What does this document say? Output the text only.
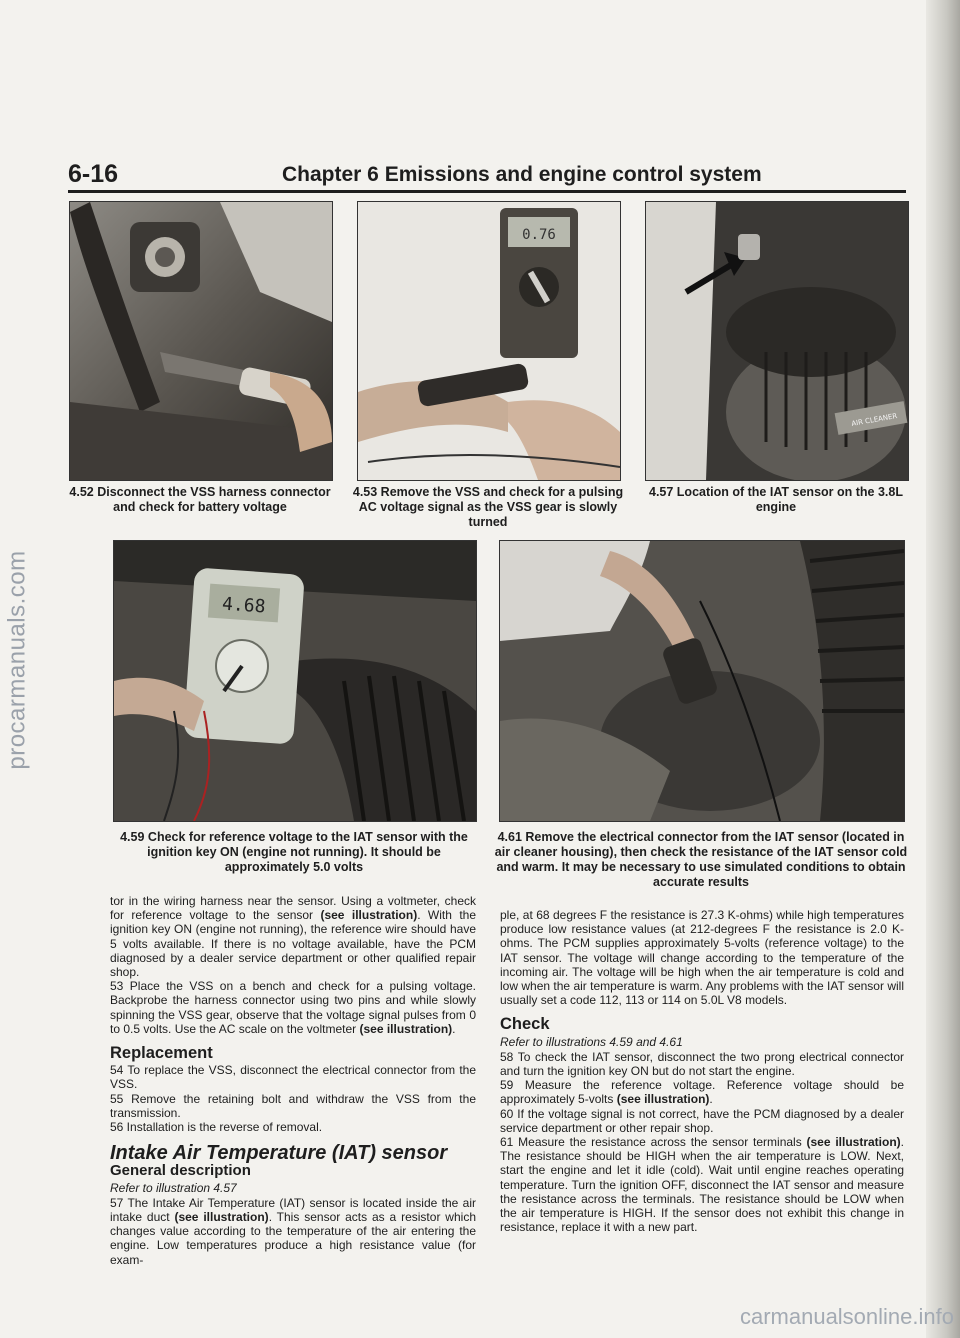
procarmanuals.com
6-16	Chapter 6 Emissions and engine control system
4.52 Disconnect the VSS harness connector and check for battery voltage
0.76
4.53 Remove the VSS and check for a pulsing AC voltage signal as the VSS gear is slowly turned
AIR CLEANER
4.57 Location of the IAT sensor on the 3.8L engine
4.68
4.59 Check for reference voltage to the IAT sensor with the ignition key ON (engine not running). It should be approximately 5.0 volts
4.61 Remove the electrical connector from the IAT sensor (located in air cleaner housing), then check the resistance of the IAT sensor cold and warm. It may be necessary to use simulated conditions to obtain accurate results

tor in the wiring harness near the sensor. Using a voltmeter, check for reference voltage to the sensor (see illustration). With the ignition key ON (engine not running), the reference wire should have 5 volts available. If there is no voltage available, have the PCM diagnosed by a dealer service department or other qualified repair shop.

53 Place the VSS on a bench and check for a pulsing voltage. Backprobe the harness connector using two pins and while slowly spinning the VSS gear, observe that the voltage signal pulses from 0 to 0.5 volts. Use the AC scale on the voltmeter (see illustration).

Replacement

54 To replace the VSS, disconnect the electrical connector from the VSS.

55 Remove the retaining bolt and withdraw the VSS from the transmission.

56 Installation is the reverse of removal.

Intake Air Temperature (IAT) sensor
General description

Refer to illustration 4.57

57 The Intake Air Temperature (IAT) sensor is located inside the air intake duct (see illustration). This sensor acts as a resistor which changes value according to the temperature of the air entering the engine. Low temperatures produce a high resistance value (for exam-

ple, at 68 degrees F the resistance is 27.3 K-ohms) while high temperatures produce low resistance values (at 212-degrees F the resistance is 2.0 K-ohms. The PCM supplies approximately 5-volts (reference voltage) to the IAT sensor. The voltage will change according to the temperature of the incoming air. The voltage will be high when the air temperature is cold and low when the air temperature is warm. Any problems with the IAT sensor will usually set a code 112, 113 or 114 on 5.0L V8 models.

Check

Refer to illustrations 4.59 and 4.61

58 To check the IAT sensor, disconnect the two prong electrical connector and turn the ignition key ON but do not start the engine.

59 Measure the reference voltage. Reference voltage should be approximately 5-volts (see illustration).

60 If the voltage signal is not correct, have the PCM diagnosed by a dealer service department or other repair shop.

61 Measure the resistance across the sensor terminals (see illustration). The resistance should be HIGH when the air temperature is LOW. Next, start the engine and let it idle (cold). Wait until engine reaches operating temperature. Turn the ignition OFF, disconnect the IAT sensor and measure the resistance across the terminals. The resistance should be LOW when the air temperature is HIGH. If the sensor does not exhibit this change in resistance, replace it with a new part.

carmanualsonline.info
